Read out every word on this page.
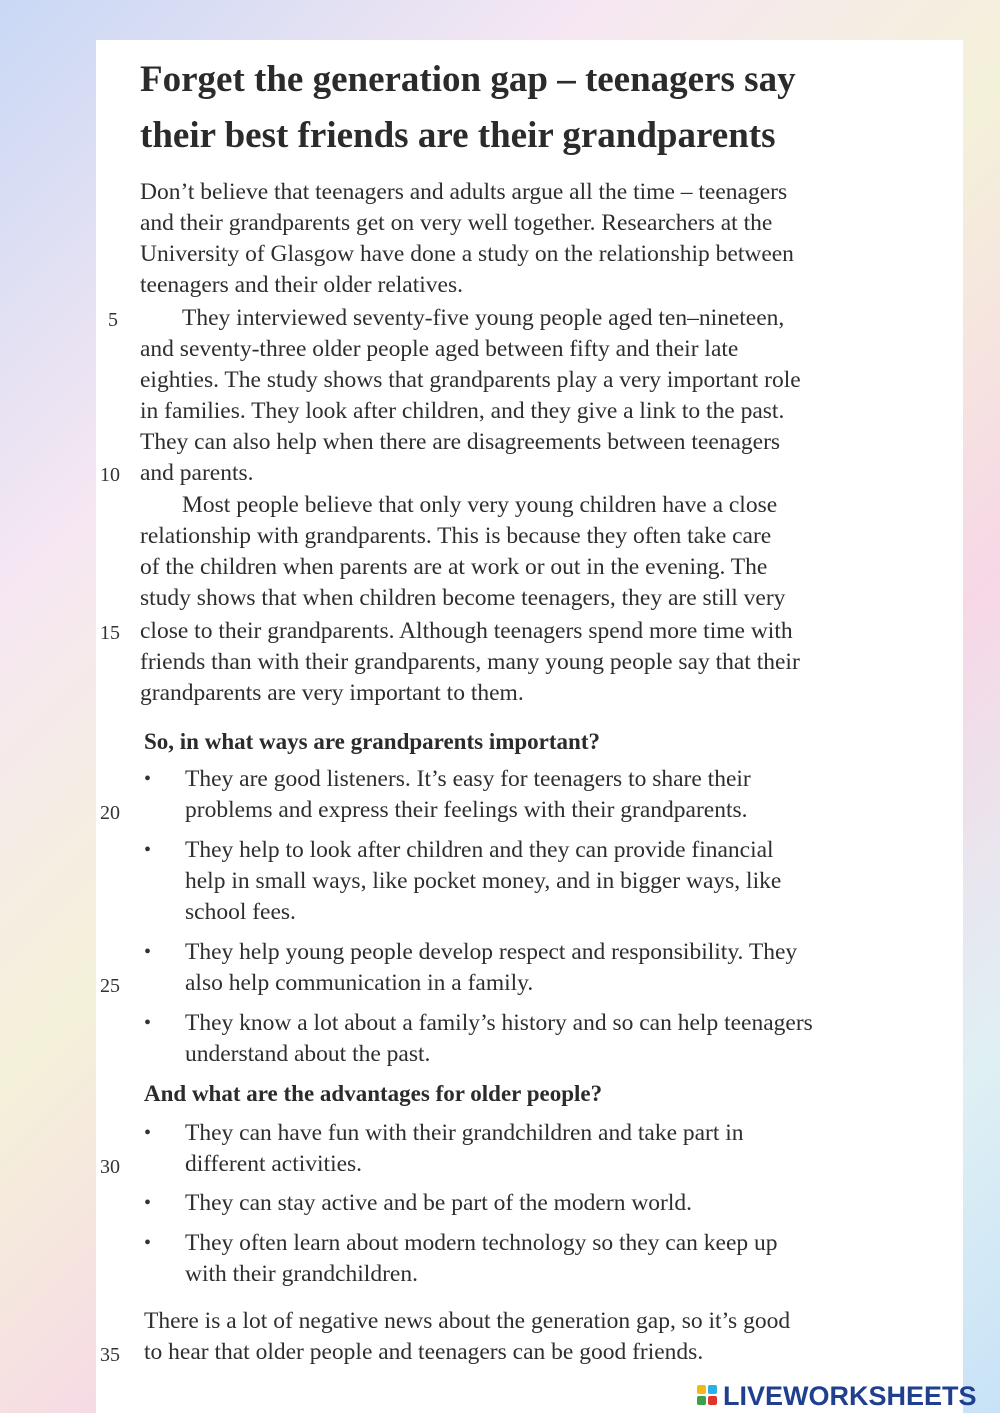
Forget the generation gap – teenagers say
their best friends are their grandparents
Don’t believe that teenagers and adults argue all the time – teenagers
and their grandparents get on very well together. Researchers at the
University of Glasgow have done a study on the relationship between
teenagers and their older relatives.
5	They interviewed seventy-five young people aged ten–nineteen,
and seventy-three older people aged between fifty and their late
eighties. The study shows that grandparents play a very important role
in families. They look after children, and they give a link to the past.
They can also help when there are disagreements between teenagers
10 and parents.
Most people believe that only very young children have a close
relationship with grandparents. This is because they often take care
of the children when parents are at work or out in the evening. The
study shows that when children become teenagers, they are still very
15 close to their grandparents. Although teenagers spend more time with
friends than with their grandparents, many young people say that their
grandparents are very important to them.
So, in what ways are grandparents important?
• They are good listeners. It’s easy for teenagers to share their
20	problems and express their feelings with their grandparents.
• They help to look after children and they can provide financial
help in small ways, like pocket money, and in bigger ways, like
school fees.
• They help young people develop respect and responsibility. They
25	also help communication in a family.
• They know a lot about a family’s history and so can help teenagers
understand about the past.
And what are the advantages for older people?
• They can have fun with their grandchildren and take part in
30	different activities.
• They can stay active and be part of the modern world.
• They often learn about modern technology so they can keep up
with their grandchildren.
There is a lot of negative news about the generation gap, so it’s good
35 to hear that older people and teenagers can be good friends.
LIVEWORKSHEETS
